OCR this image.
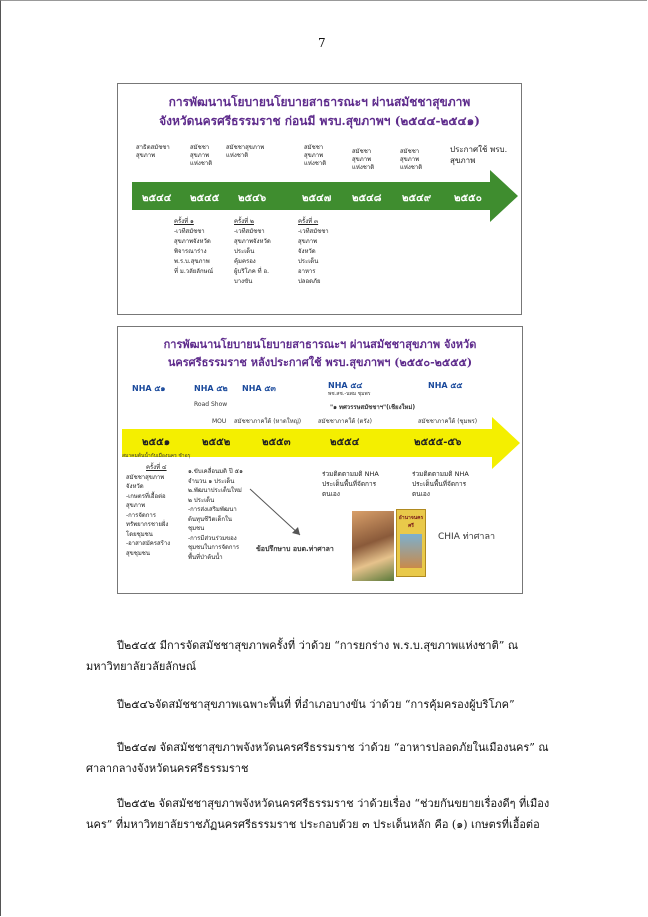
7
การพัฒนานโยบายนโยบายสาธารณะฯ ผ่านสมัชชาสุขภาพ
จังหวัดนครศรีธรรมราช ก่อนมี พรบ.สุขภาพฯ (๒๕๔๔-๒๕๔๑)
สาธิตสมัชชา
สุขภาพ
สมัชชา
สุขภาพ
แห่งชาติ
สมัชชาสุขภาพ
แห่งชาติ
สมัชชา
สุขภาพ
แห่งชาติ
สมัชชา
สุขภาพ
แห่งชาติ
สมัชชา
สุขภาพ
แห่งชาติ
ประกาศใช้ พรบ.
สุขภาพ
๒๕๔๔ ๒๕๔๕ ๒๕๔๖	๒๕๔๗ ๒๕๔๘ ๒๕๔๙ ๒๕๕๐
ครั้งที่ ๑
-เวทีสมัชชา
สุขภาพจังหวัด
พิจารณาร่าง
พ.ร.บ.สุขภาพ
ที่ ม.วลัยลักษณ์
ครั้งที่ ๒
-เวทีสมัชชา
สุขภาพจังหวัด
ประเด็น
คุ้มครอง
ผู้บริโภค ที่ อ.
บางขัน
ครั้งที่ ๓
-เวทีสมัชชา
สุขภาพ
จังหวัด
ประเด็น
อาหาร
ปลอดภัย
การพัฒนานโยบายนโยบายสาธารณะฯ ผ่านสมัชชาสุขภาพ จังหวัด
นครศรีธรรมราช หลังประกาศใช้ พรบ.สุขภาพฯ (๒๕๕๐-๒๕๕๕)
NHA ๕๑	NHA ๕๒ NHA ๕๓	NHA ๕๔	NHA ๕๕
พช.สช.-นพม ชุมพร
"๑ ทศวรรษสมัชชาฯ"(เชียงใหม่)
Road Show
MOU สมัชชาภาคใต้ (หาดใหญ่)	สมัชชาภาคใต้ (ตรัง)	สมัชชาภาคใต้ (ชุมพร)
๒๕๕๑	๒๕๕๒	๒๕๕๓	๒๕๕๔	๒๕๕๕-๕๖
สมาคมต้นน้ำกับเมืองนคร ชำอรุ
ครั้งที่ ๔
สมัชชาสุขภาพ
จังหวัด
-เกษตรที่เอื้อต่อ
สุขภาพ
-การจัดการ
ทรัพยากรชายฝั่ง
โดยชุมชน
-อาสาสมัครสร้าง
สุขชุมชน
๑.ขับเคลื่อนมติ ปี ๕๑
จำนวน ๑ ประเด็น
๒.พัฒนาประเด็นใหม่
๒ ประเด็น
-การส่งเสริมพัฒนา
ต้นทุนชีวิตเด็กใน
ชุมชน
-การมีส่วนร่วมของ
ชุมชนในการจัดการ
พื้นที่ป่าต้นน้ำ
ข้อปรึกษาบ อบต.ท่าศาลา
ร่วมติดตามมติ NHA
ประเด็นพื้นที่จัดการ
ตนเอง
ร่วมติดตามมติ NHA
ประเด็นพื้นที่จัดการ
ตนเอง
อำนาจนครศรี
CHIA ท่าศาลา
ปี๒๕๔๕ มีการจัดสมัชชาสุขภาพครั้งที่ ว่าด้วย “การยกร่าง พ.ร.บ.สุขภาพแห่งชาติ” ณ
มหาวิทยาลัยวลัยลักษณ์
ปี๒๕๔๖จัดสมัชชาสุขภาพเฉพาะพื้นที่ ที่อำเภอบางขัน ว่าด้วย “การคุ้มครองผู้บริโภค”
ปี๒๕๔๗ จัดสมัชชาสุขภาพจังหวัดนครศรีธรรมราช ว่าด้วย “อาหารปลอดภัยในเมืองนคร” ณ
ศาลากลางจังหวัดนครศรีธรรมราช
ปี๒๕๕๒ จัดสมัชชาสุขภาพจังหวัดนครศรีธรรมราช ว่าด้วยเรื่อง “ช่วยกันขยายเรื่องดีๆ ที่เมือง
นคร” ที่มหาวิทยาลัยราชภัฏนครศรีธรรมราช ประกอบด้วย ๓ ประเด็นหลัก คือ (๑) เกษตรที่เอื้อต่อ
